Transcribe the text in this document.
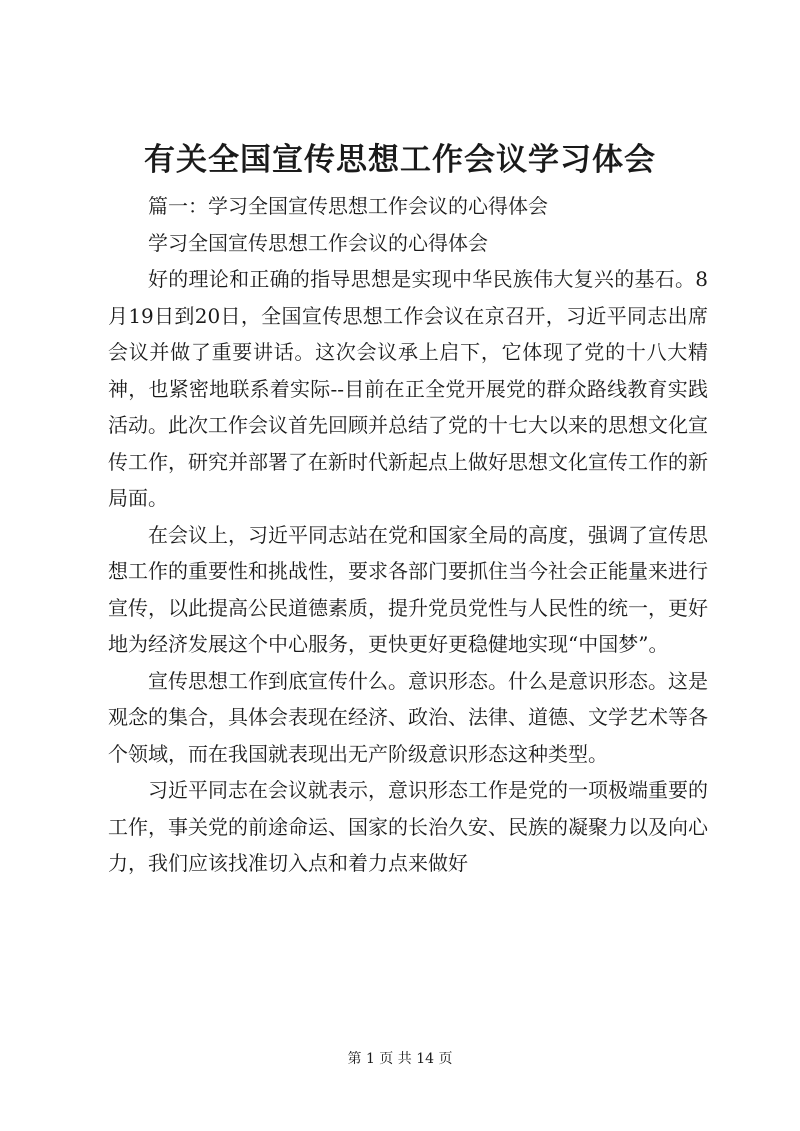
有关全国宣传思想工作会议学习体会

篇一：学习全国宣传思想工作会议的心得体会

学习全国宣传思想工作会议的心得体会

好的理论和正确的指导思想是实现中华民族伟大复兴的基石。8月19日到20日，全国宣传思想工作会议在京召开，习近平同志出席会议并做了重要讲话。这次会议承上启下，它体现了党的十八大精神，也紧密地联系着实际--目前在正全党开展党的群众路线教育实践活动。此次工作会议首先回顾并总结了党的十七大以来的思想文化宣传工作，研究并部署了在新时代新起点上做好思想文化宣传工作的新局面。

在会议上，习近平同志站在党和国家全局的高度，强调了宣传思想工作的重要性和挑战性，要求各部门要抓住当今社会正能量来进行宣传，以此提高公民道德素质，提升党员党性与人民性的统一，更好地为经济发展这个中心服务，更快更好更稳健地实现“中国梦”。

宣传思想工作到底宣传什么。意识形态。什么是意识形态。这是观念的集合，具体会表现在经济、政治、法律、道德、文学艺术等各个领域，而在我国就表现出无产阶级意识形态这种类型。

习近平同志在会议就表示，意识形态工作是党的一项极端重要的工作，事关党的前途命运、国家的长治久安、民族的凝聚力以及向心力，我们应该找准切入点和着力点来做好

第 1 页 共 14 页
